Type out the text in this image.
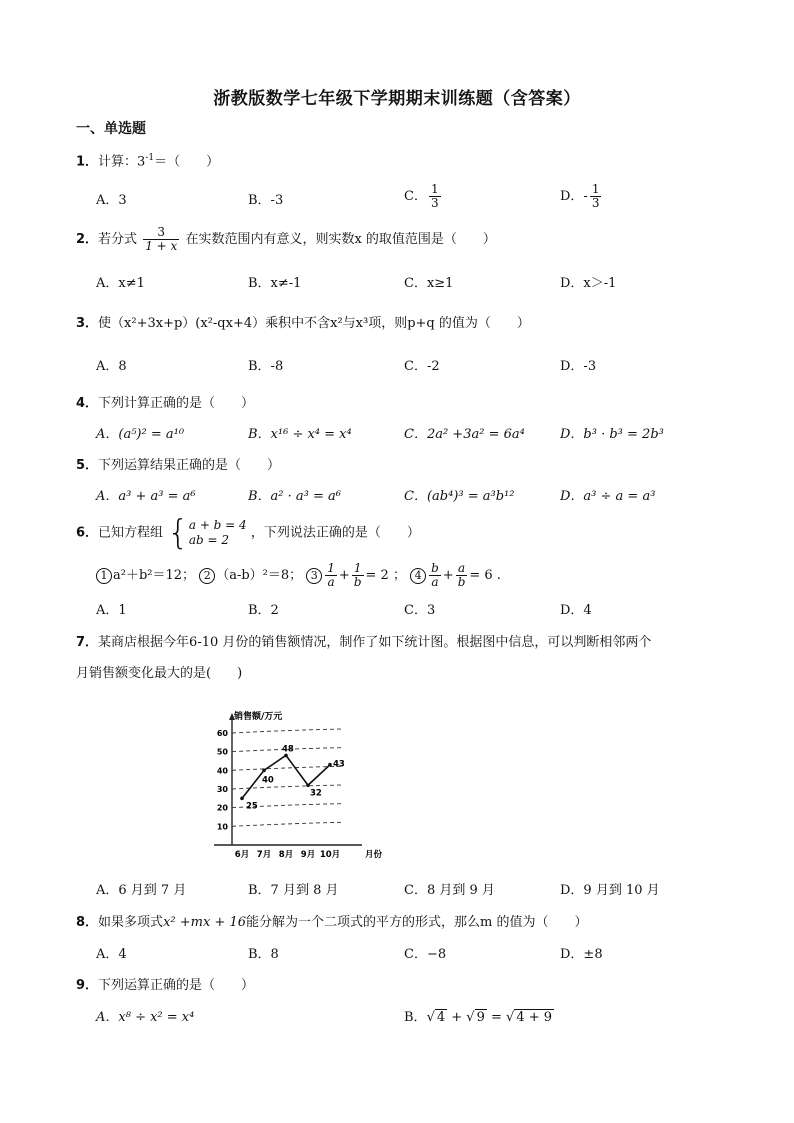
浙教版数学七年级下学期期末训练题（含答案）
一、单选题
1．计算：$3^{-1}=$（　　）
A．3	B．-3	C． $\frac{1}{3}$	D．- $\frac{1}{3}$
2．若分式 $\frac{3}{1 + x}$ 在实数范围内有意义，则实数x 的取值范围是（　　）
A．x≠1	B．x≠-1	C．x≥1	D．x＞-1
3．使（x²+3x+p）(x²-qx+4）乘积中不含x²与x³项，则p+q 的值为（　　）
A．8	B．-8	C．-2	D．-3
4．下列计算正确的是（　　）
A．(a⁵)² = a¹⁰	B．x¹⁶ ÷ x⁴ = x⁴	C．2a² +3a² = 6a⁴	D．b³ · b³ = 2b³
5．下列运算结果正确的是（　　）
A．a³ + a³ = a⁶	B．a² · a³ = a⁶	C．(ab⁴)³ = a³b¹²	D．a³ ÷ a = a³
6．已知方程组 { a + b = 4
ab = 2	，下列说法正确的是（　　）
1 a²＋b²＝12； 2 （a-b）²＝8； $3 \frac{1}{a} + \frac{1}{b} = 2$ ； $4 \frac{b}{a} + \frac{a}{b} = 6$ .
A．1	B．2	C．3	D．4
7．某商店根据今年6-10 月份的销售额情况，制作了如下统计图。根据图中信息，可以判断相邻两个
月销售额变化最大的是(　　)
10
20
30
40
50
60
销售额/万元
6月 7月 8月 9月 10月	月份
25
40
48
32
43
A．6 月到 7 月	B．7 月到 8 月	C．8 月到 9 月	D．9 月到 10 月
8．如果多项式x² +mx + 16能分解为一个二项式的平方的形式，那么m 的值为（　　）
A．4	B．8	C．−8	D．±8
9．下列运算正确的是（　　）
A．x⁸ ÷ x² = x⁴	B．√ 4 + √ 9 = √ 4 + 9
